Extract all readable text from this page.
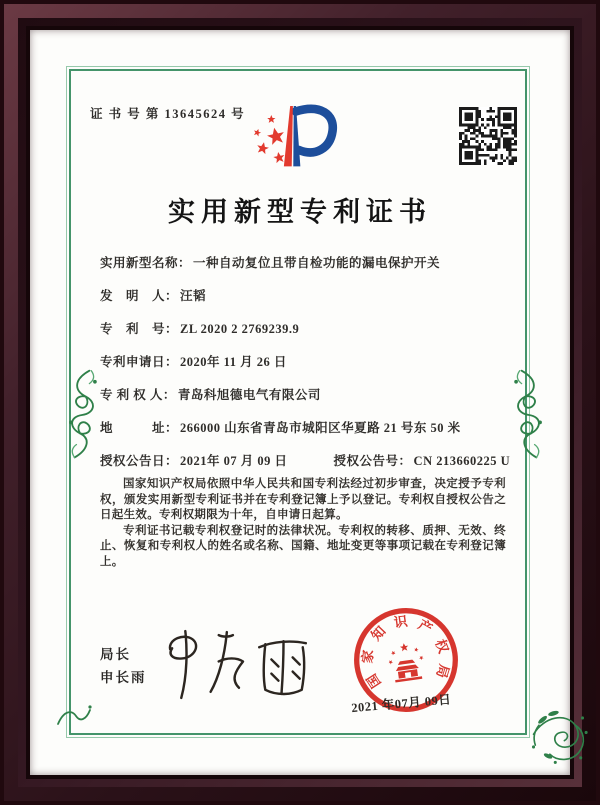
证 书 号 第 13645624 号
实用新型专利证书
实用新型名称： 一种自动复位且带自检功能的漏电保护开关
发　明　人： 汪韬
专　利　号： ZL 2020 2 2769239.9
专利申请日： 2020年 11 月 26 日
专 利 权 人： 青岛科旭德电气有限公司
地　　　址： 266000 山东省青岛市城阳区华夏路 21 号东 50 米
授权公告日： 2021年 07 月 09 日	授权公告号： CN 213660225 U

国家知识产权局依照中华人民共和国专利法经过初步审查，决定授予专利权，颁发实用新型专利证书并在专利登记簿上予以登记。专利权自授权公告之日起生效。专利权期限为十年，自申请日起算。

专利证书记载专利权登记时的法律状况。专利权的转移、质押、无效、终止、恢复和专利权人的姓名或名称、国籍、地址变更等事项记载在专利登记簿上。

局长
申长雨	国
家
知
识 产
权
局
2021 年07月 09日
